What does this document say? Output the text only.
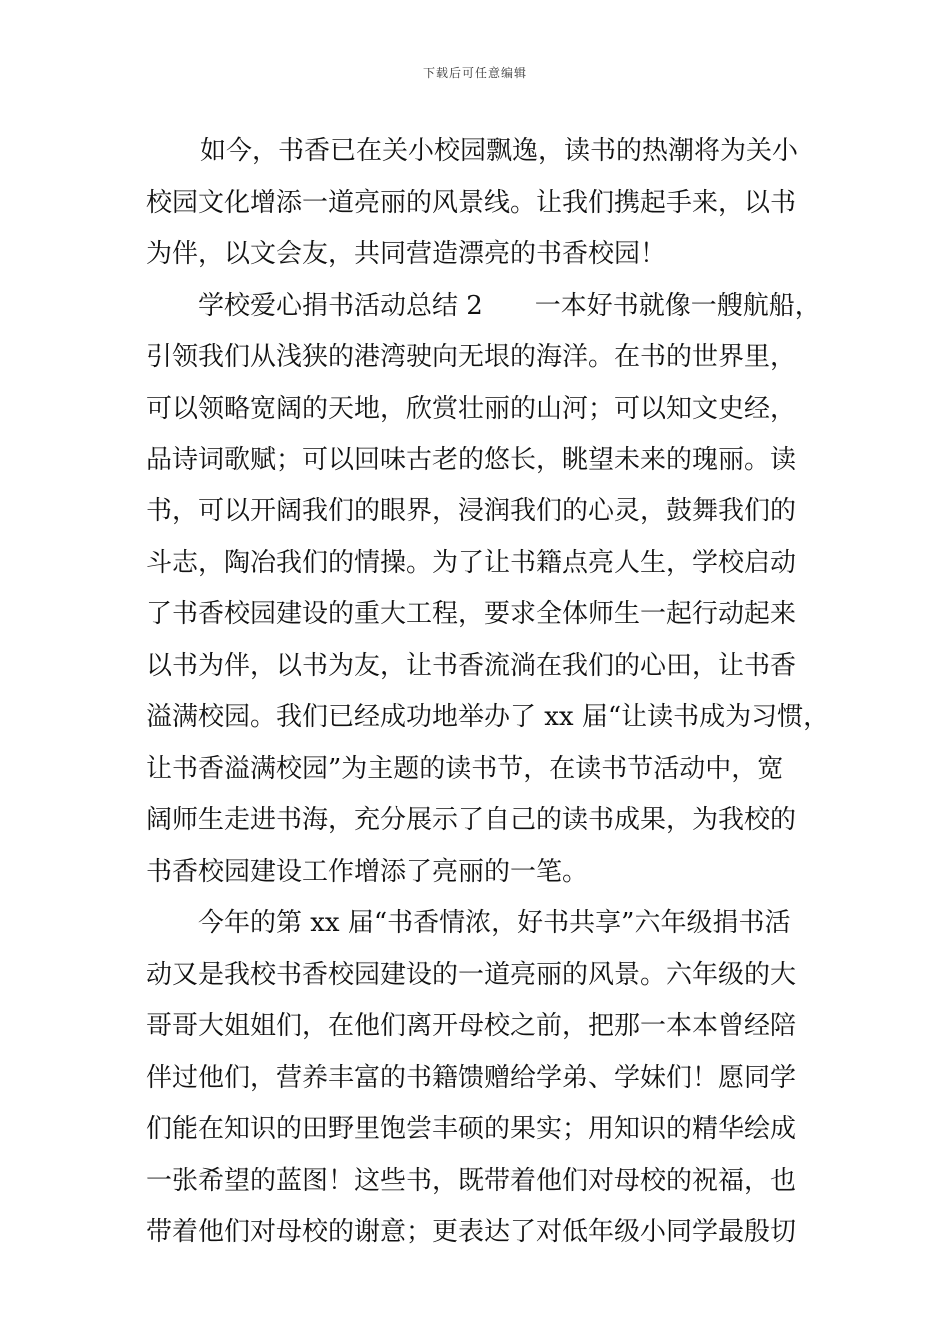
下载后可任意编辑
如今，书香已在关小校园飘逸，读书的热潮将为关小
校园文化增添一道亮丽的风景线。让我们携起手来，以书
为伴，以文会友，共同营造漂亮的书香校园！
学校爱心捐书活动总结 2　　一本好书就像一艘航船，
引领我们从浅狭的港湾驶向无垠的海洋。在书的世界里，
可以领略宽阔的天地，欣赏壮丽的山河；可以知文史经，
品诗词歌赋；可以回味古老的悠长，眺望未来的瑰丽。读
书，可以开阔我们的眼界，浸润我们的心灵，鼓舞我们的
斗志，陶冶我们的情操。为了让书籍点亮人生，学校启动
了书香校园建设的重大工程，要求全体师生一起行动起来
以书为伴，以书为友，让书香流淌在我们的心田，让书香
溢满校园。我们已经成功地举办了 xx 届“让读书成为习惯，
让书香溢满校园”为主题的读书节，在读书节活动中，宽
阔师生走进书海，充分展示了自己的读书成果，为我校的
书香校园建设工作增添了亮丽的一笔。
今年的第 xx 届“书香情浓，好书共享”六年级捐书活
动又是我校书香校园建设的一道亮丽的风景。六年级的大
哥哥大姐姐们，在他们离开母校之前，把那一本本曾经陪
伴过他们，营养丰富的书籍馈赠给学弟、学妹们！愿同学
们能在知识的田野里饱尝丰硕的果实；用知识的精华绘成
一张希望的蓝图！这些书，既带着他们对母校的祝福，也
带着他们对母校的谢意；更表达了对低年级小同学最殷切
